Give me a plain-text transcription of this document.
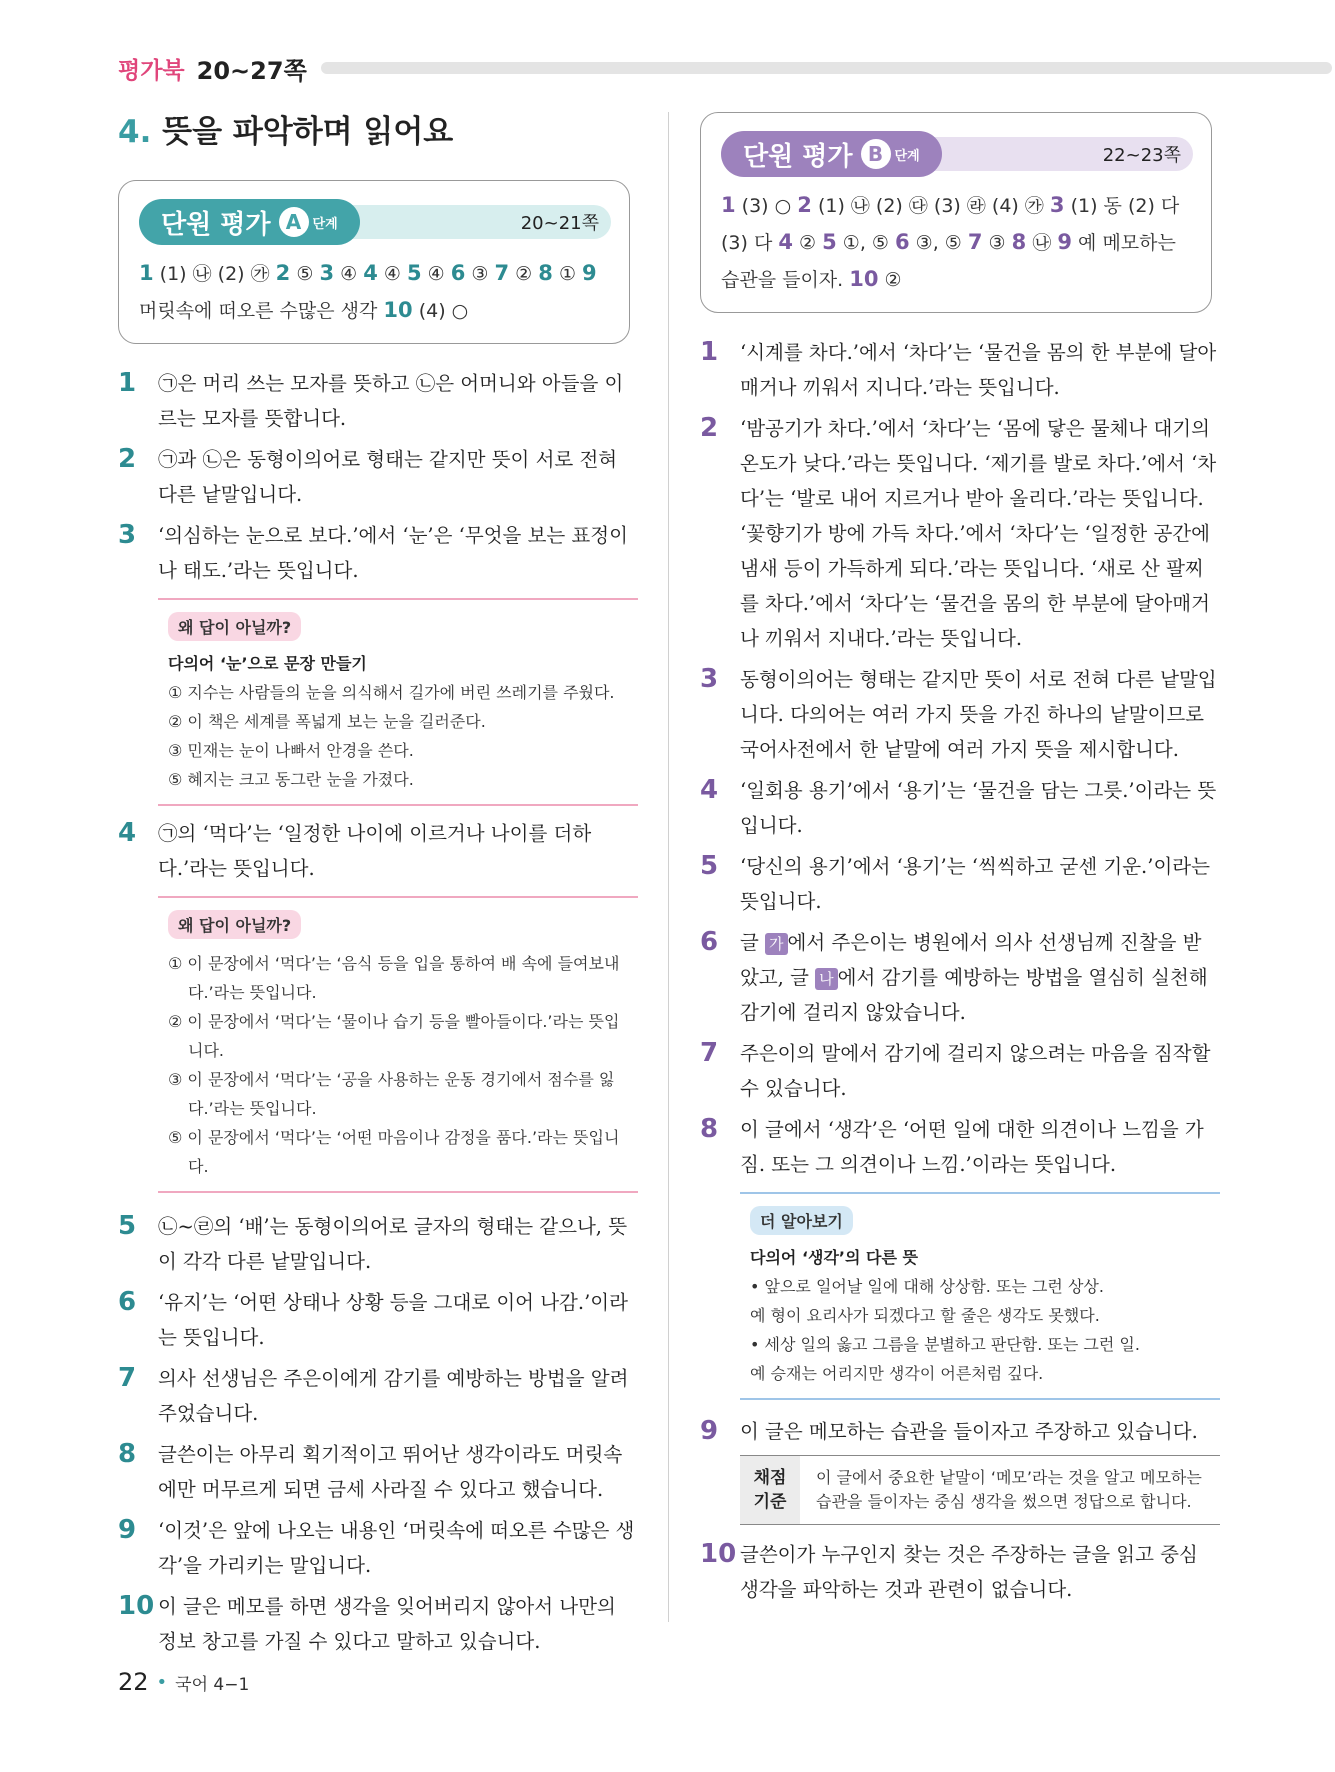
평가북 20~27쪽
4. 뜻을 파악하며 읽어요
단원
평가 A 단계	20~21쪽
1 (1) ㉯ (2) ㉮ 2 ⑤ 3 ④ 4 ④ 5 ④ 6 ③ 7 ② 8 ① 9 머릿속에 떠오른 수많은 생각 10 (4) ○
1	㉠은 머리 쓰는 모자를 뜻하고 ㉡은 어머니와 아들을 이르는 모자를 뜻합니다.
2	㉠과 ㉡은 동형이의어로 형태는 같지만 뜻이 서로 전혀 다른 낱말입니다.
3	‘의심하는 눈으로 보다.’에서 ‘눈’은 ‘무엇을 보는 표정이나 태도.’라는 뜻입니다.
왜 답이 아닐까?
다의어 ‘눈’으로 문장 만들기
① 지수는 사람들의 눈을 의식해서 길가에 버린 쓰레기를 주웠다.
② 이 책은 세계를 폭넓게 보는 눈을 길러준다.
③ 민재는 눈이 나빠서 안경을 쓴다.
⑤ 혜지는 크고 동그란 눈을 가졌다.
4	㉠의 ‘먹다’는 ‘일정한 나이에 이르거나 나이를 더하다.’라는 뜻입니다.
왜 답이 아닐까?
① 이 문장에서 ‘먹다’는 ‘음식 등을 입을 통하여 배 속에 들여보내다.’라는 뜻입니다.
② 이 문장에서 ‘먹다’는 ‘물이나 습기 등을 빨아들이다.’라는 뜻입니다.
③ 이 문장에서 ‘먹다’는 ‘공을 사용하는 운동 경기에서 점수를 잃다.’라는 뜻입니다.
⑤ 이 문장에서 ‘먹다’는 ‘어떤 마음이나 감정을 품다.’라는 뜻입니다.
5	㉡~㉣의 ‘배’는 동형이의어로 글자의 형태는 같으나, 뜻이 각각 다른 낱말입니다.
6	‘유지’는 ‘어떤 상태나 상황 등을 그대로 이어 나감.’이라는 뜻입니다.
7	의사 선생님은 주은이에게 감기를 예방하는 방법을 알려 주었습니다.
8	글쓴이는 아무리 획기적이고 뛰어난 생각이라도 머릿속에만 머무르게 되면 금세 사라질 수 있다고 했습니다.
9	‘이것’은 앞에 나오는 내용인 ‘머릿속에 떠오른 수많은 생각’을 가리키는 말입니다.
10 이 글은 메모를 하면 생각을 잊어버리지 않아서 나만의 정보 창고를 가질 수 있다고 말하고 있습니다.
단원
평가 B 단계	22~23쪽
1 (3) ○ 2 (1) ㉯ (2) ㉰ (3) ㉱ (4) ㉮ 3 (1) 동 (2) 다 (3) 다 4 ② 5 ①, ⑤ 6 ③, ⑤ 7 ③ 8 ㉯ 9 예 메모하는 습관을 들이자. 10 ②
1	‘시계를 차다.’에서 ‘차다’는 ‘물건을 몸의 한 부분에 달아매거나 끼워서 지니다.’라는 뜻입니다.
2	‘밤공기가 차다.’에서 ‘차다’는 ‘몸에 닿은 물체나 대기의 온도가 낮다.’라는 뜻입니다. ‘제기를 발로 차다.’에서 ‘차다’는 ‘발로 내어 지르거나 받아 올리다.’라는 뜻입니다. ‘꽃향기가 방에 가득 차다.’에서 ‘차다’는 ‘일정한 공간에 냄새 등이 가득하게 되다.’라는 뜻입니다. ‘새로 산 팔찌를 차다.’에서 ‘차다’는 ‘물건을 몸의 한 부분에 달아매거나 끼워서 지내다.’라는 뜻입니다.
3	동형이의어는 형태는 같지만 뜻이 서로 전혀 다른 낱말입니다. 다의어는 여러 가지 뜻을 가진 하나의 낱말이므로 국어사전에서 한 낱말에 여러 가지 뜻을 제시합니다.
4	‘일회용 용기’에서 ‘용기’는 ‘물건을 담는 그릇.’이라는 뜻입니다.
5	‘당신의 용기’에서 ‘용기’는 ‘씩씩하고 굳센 기운.’이라는 뜻입니다.
6	글 가 에서 주은이는 병원에서 의사 선생님께 진찰을 받았고, 글 나 에서 감기를 예방하는 방법을 열심히 실천해 감기에 걸리지 않았습니다.
7	주은이의 말에서 감기에 걸리지 않으려는 마음을 짐작할 수 있습니다.
8	이 글에서 ‘생각’은 ‘어떤 일에 대한 의견이나 느낌을 가짐. 또는 그 의견이나 느낌.’이라는 뜻입니다.
더 알아보기
다의어 ‘생각’의 다른 뜻
• 앞으로 일어날 일에 대해 상상함. 또는 그런 상상.
예 형이 요리사가 되겠다고 할 줄은 생각도 못했다.
• 세상 일의 옳고 그름을 분별하고 판단함. 또는 그런 일.
예 승재는 어리지만 생각이 어른처럼 깊다.
9	이 글은 메모하는 습관을 들이자고 주장하고 있습니다.
채점 기준
이 글에서 중요한 낱말이 ‘메모’라는 것을 알고 메모하는 습관을 들이자는 중심 생각을 썼으면 정답으로 합니다.
10 글쓴이가 누구인지 찾는 것은 주장하는 글을 읽고 중심 생각을 파악하는 것과 관련이 없습니다.
22 • 국어 4−1
